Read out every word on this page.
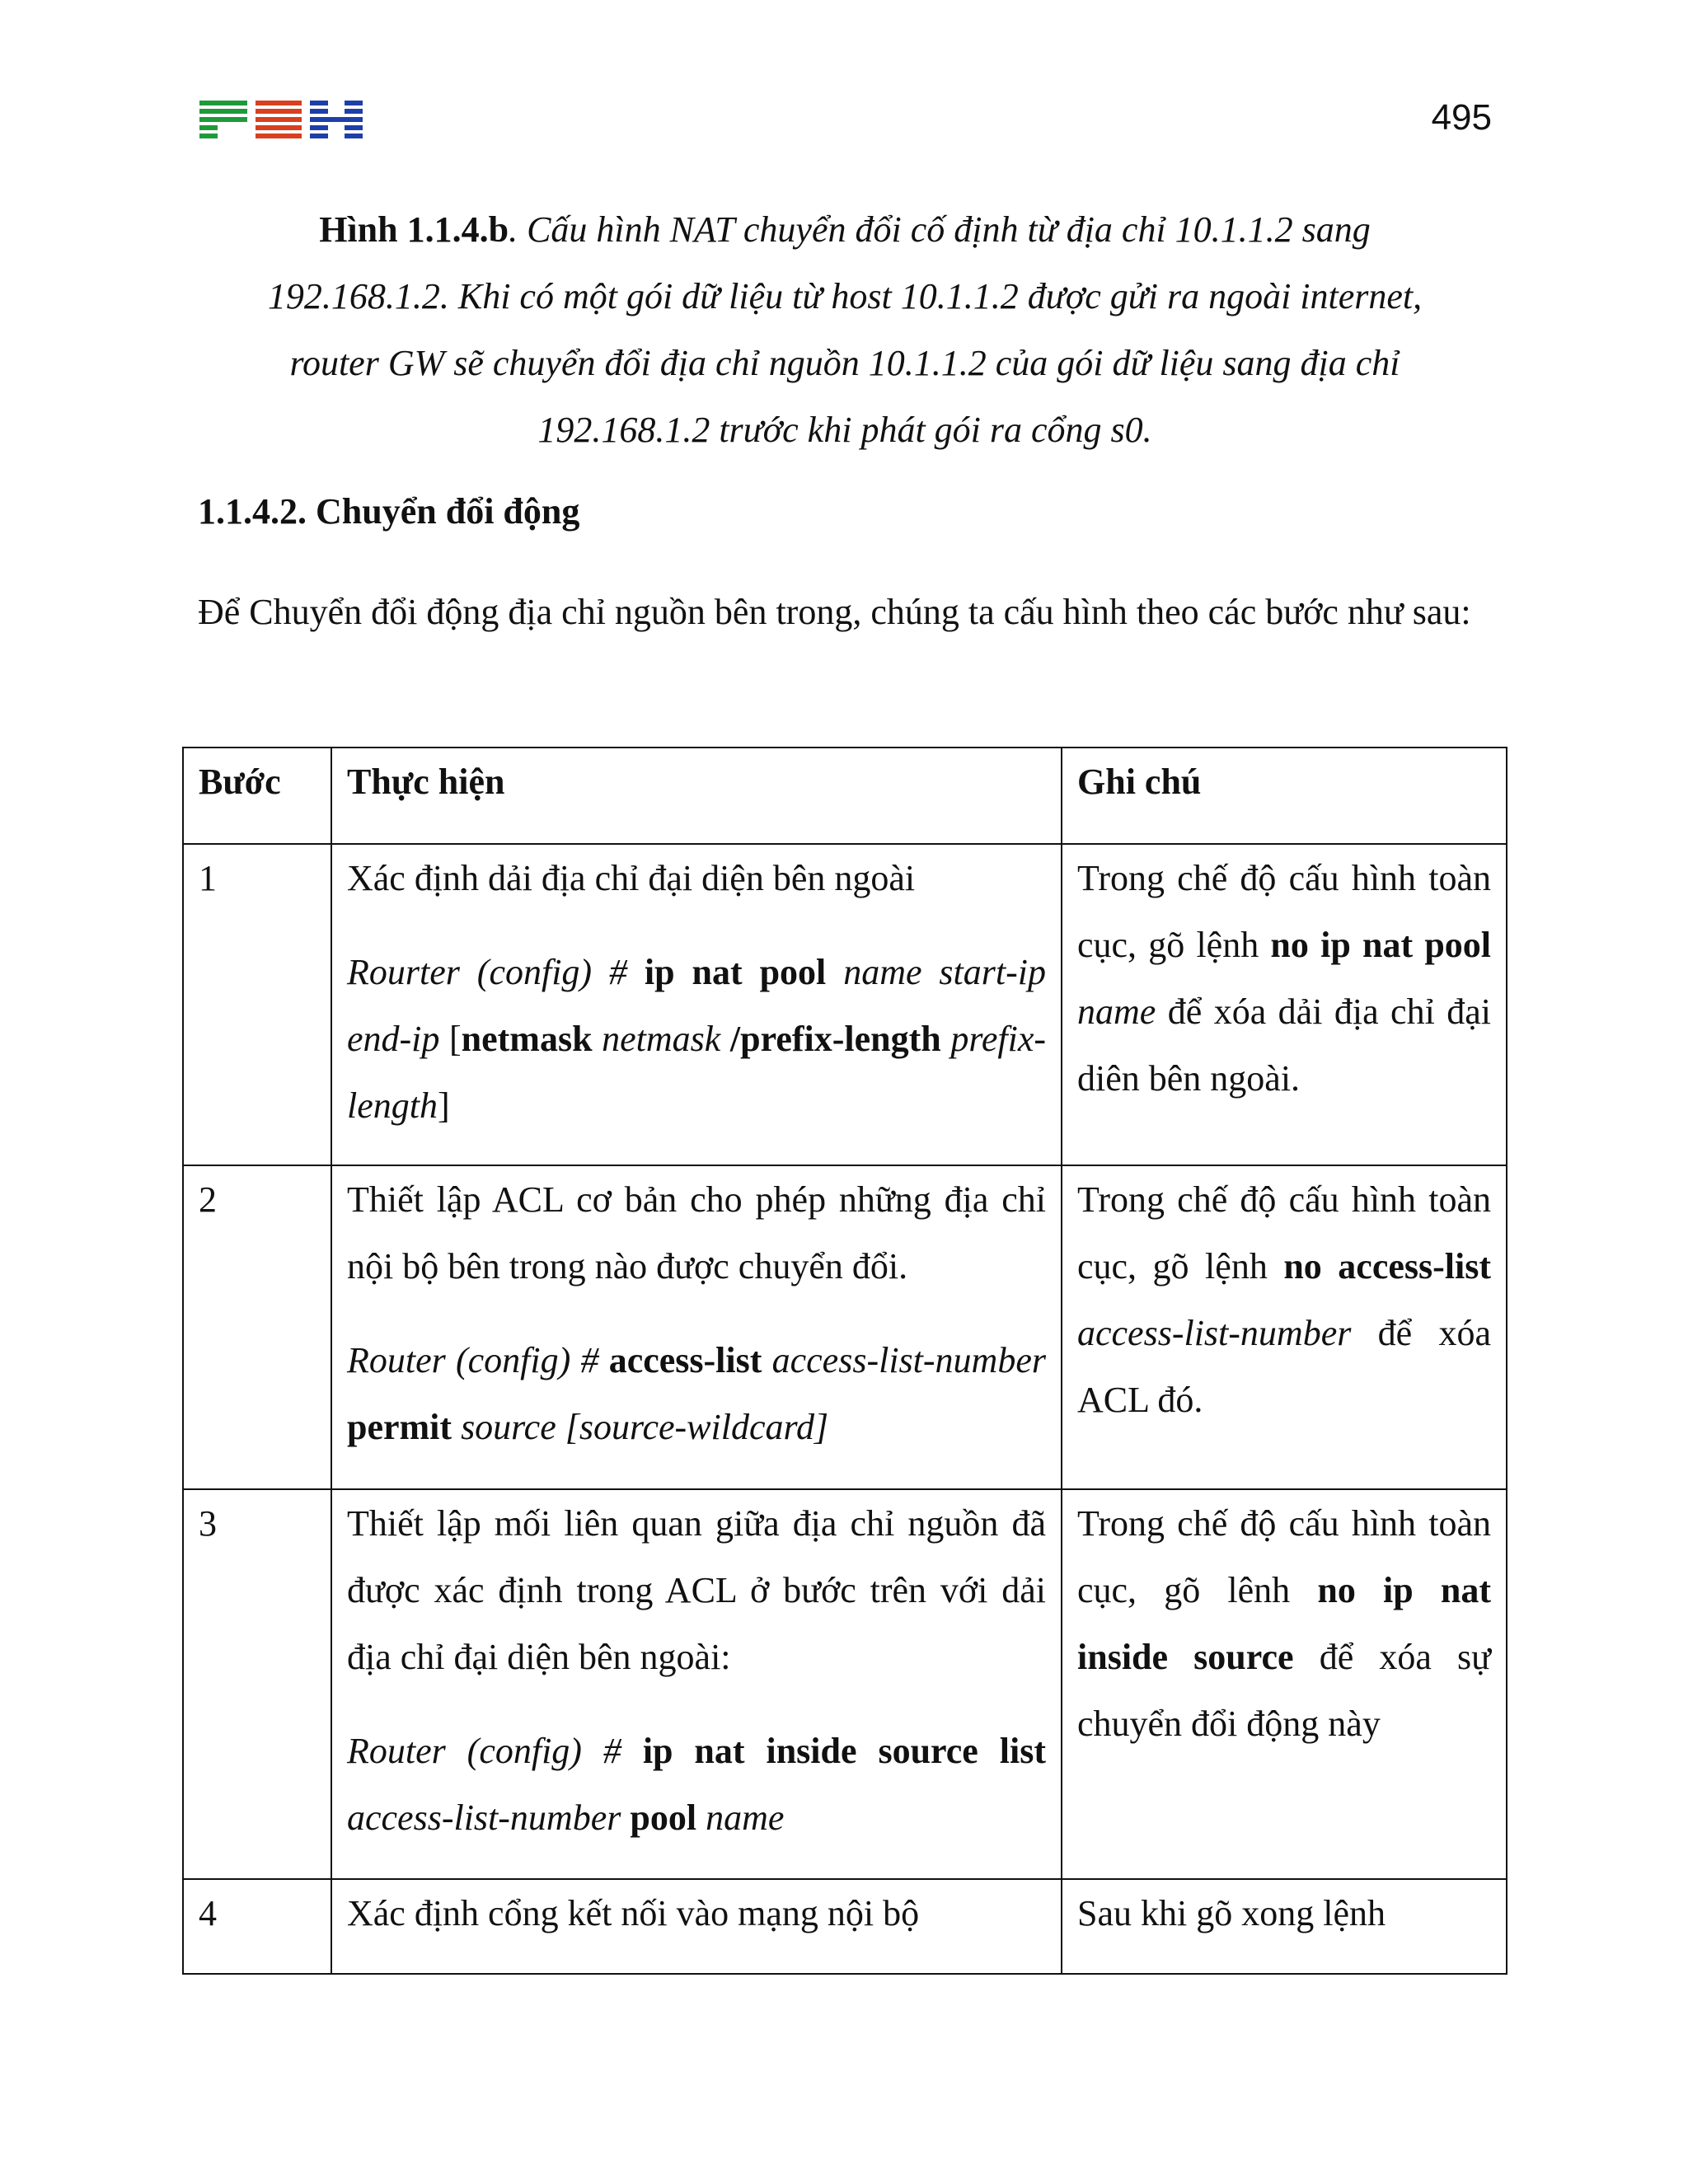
495
Hình 1.1.4.b. Cấu hình NAT chuyển đổi cố định từ địa chỉ 10.1.1.2 sang
192.168.1.2. Khi có một gói dữ liệu từ host 10.1.1.2 được gửi ra ngoài internet,
router GW sẽ chuyển đổi địa chỉ nguồn 10.1.1.2 của gói dữ liệu sang địa chỉ
192.168.1.2 trước khi phát gói ra cổng s0.
1.1.4.2. Chuyển đổi động

Để Chuyển đổi động địa chỉ nguồn bên trong, chúng ta cấu hình theo các bước như sau:

Bước	Thực hiện	Ghi chú
1	Xác định dải địa chỉ đại diện bên ngoài

Rourter (config) # ip nat pool name start-ip end-ip [netmask netmask /prefix-length prefix-length]	Trong chế độ cấu hình toàn cục, gõ lệnh no ip nat pool name để xóa dải địa chỉ đại diên bên ngoài.
2	Thiết lập ACL cơ bản cho phép những địa chỉ nội bộ bên trong nào được chuyển đổi.

Router (config) # access-list access-list-number permit source [source-wildcard]	Trong chế độ cấu hình toàn cục, gõ lệnh no access-list access-list-number để xóa ACL đó.
3	Thiết lập mối liên quan giữa địa chỉ nguồn đã được xác định trong ACL ở bước trên với dải địa chỉ đại diện bên ngoài:

Router (config) # ip nat inside source list access-list-number pool name	Trong chế độ cấu hình toàn cục, gõ lênh no ip nat inside source để xóa sự chuyển đổi động này
4	Xác định cổng kết nối vào mạng nội bộ	Sau khi gõ xong lệnh
